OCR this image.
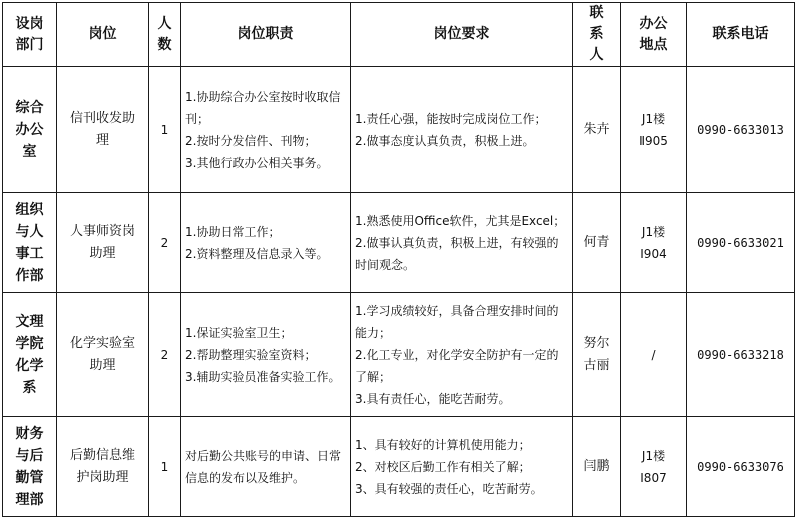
设岗部门	岗位	人数	岗位职责	岗位要求	联系人	办公地点	联系电话
综合办公室	信刊收发助理	1	1.协助综合办公室按时收取信刊；
2.按时分发信件、刊物；
3.其他行政办公相关事务。	1.责任心强，能按时完成岗位工作；
2.做事态度认真负责，积极上进。	朱卉	J1楼Ⅱ905	0990-6633013
组织与人事工作部	人事师资岗助理	2	1.协助日常工作；
2.资料整理及信息录入等。	1.熟悉使用Office软件，尤其是Excel；
2.做事认真负责，积极上进，有较强的时间观念。	何青	J1楼Ⅰ904	0990-6633021
文理学院化学系	化学实验室助理	2	1.保证实验室卫生；
2.帮助整理实验室资料；
3.辅助实验员准备实验工作。	1.学习成绩较好，具备合理安排时间的能力；
2.化工专业，对化学安全防护有一定的了解；
3.具有责任心，能吃苦耐劳。	努尔古丽	/	0990-6633218
财务与后勤管理部	后勤信息维护岗助理	1	对后勤公共账号的申请、日常信息的发布以及维护。	1、具有较好的计算机使用能力；
2、对校区后勤工作有相关了解；
3、具有较强的责任心，吃苦耐劳。	闫鹏	J1楼Ⅰ807	0990-6633076
